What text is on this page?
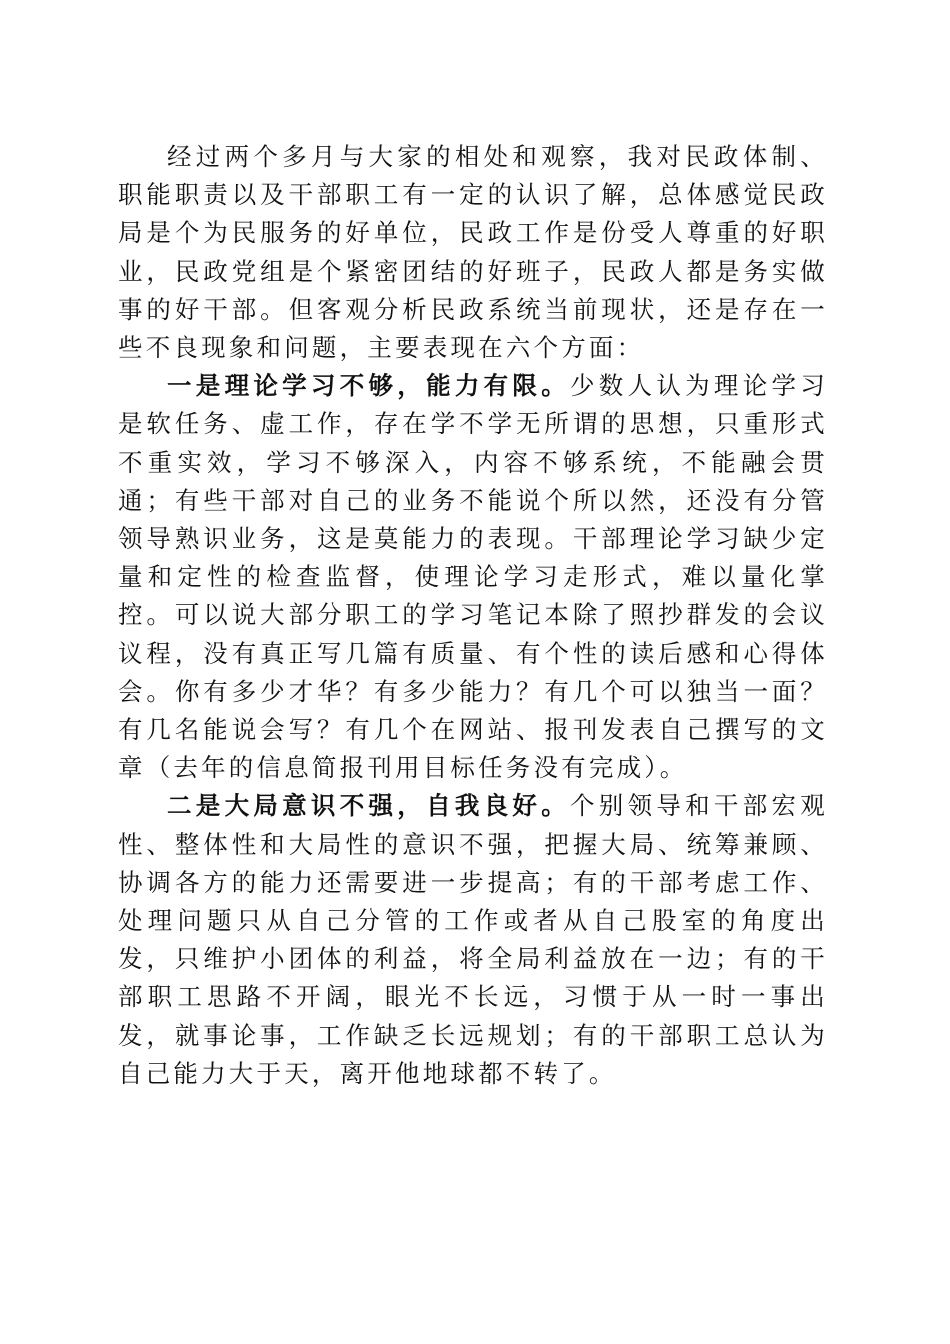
经过两个多月与大家的相处和观察，我对民政体制、职能职责以及干部职工有一定的认识了解，总体感觉民政局是个为民服务的好单位，民政工作是份受人尊重的好职业，民政党组是个紧密团结的好班子，民政人都是务实做事的好干部。但客观分析民政系统当前现状，还是存在一些不良现象和问题，主要表现在六个方面：

一是理论学习不够，能力有限。少数人认为理论学习是软任务、虚工作，存在学不学无所谓的思想，只重形式不重实效，学习不够深入，内容不够系统，不能融会贯通；有些干部对自己的业务不能说个所以然，还没有分管领导熟识业务，这是莫能力的表现。干部理论学习缺少定量和定性的检查监督，使理论学习走形式，难以量化掌控。可以说大部分职工的学习笔记本除了照抄群发的会议议程，没有真正写几篇有质量、有个性的读后感和心得体会。你有多少才华？有多少能力？有几个可以独当一面？有几名能说会写？有几个在网站、报刊发表自己撰写的文章（去年的信息简报刊用目标任务没有完成）。

二是大局意识不强，自我良好。个别领导和干部宏观性、整体性和大局性的意识不强，把握大局、统筹兼顾、协调各方的能力还需要进一步提高；有的干部考虑工作、处理问题只从自己分管的工作或者从自己股室的角度出发，只维护小团体的利益，将全局利益放在一边；有的干部职工思路不开阔，眼光不长远，习惯于从一时一事出发，就事论事，工作缺乏长远规划；有的干部职工总认为自己能力大于天，离开他地球都不转了。
